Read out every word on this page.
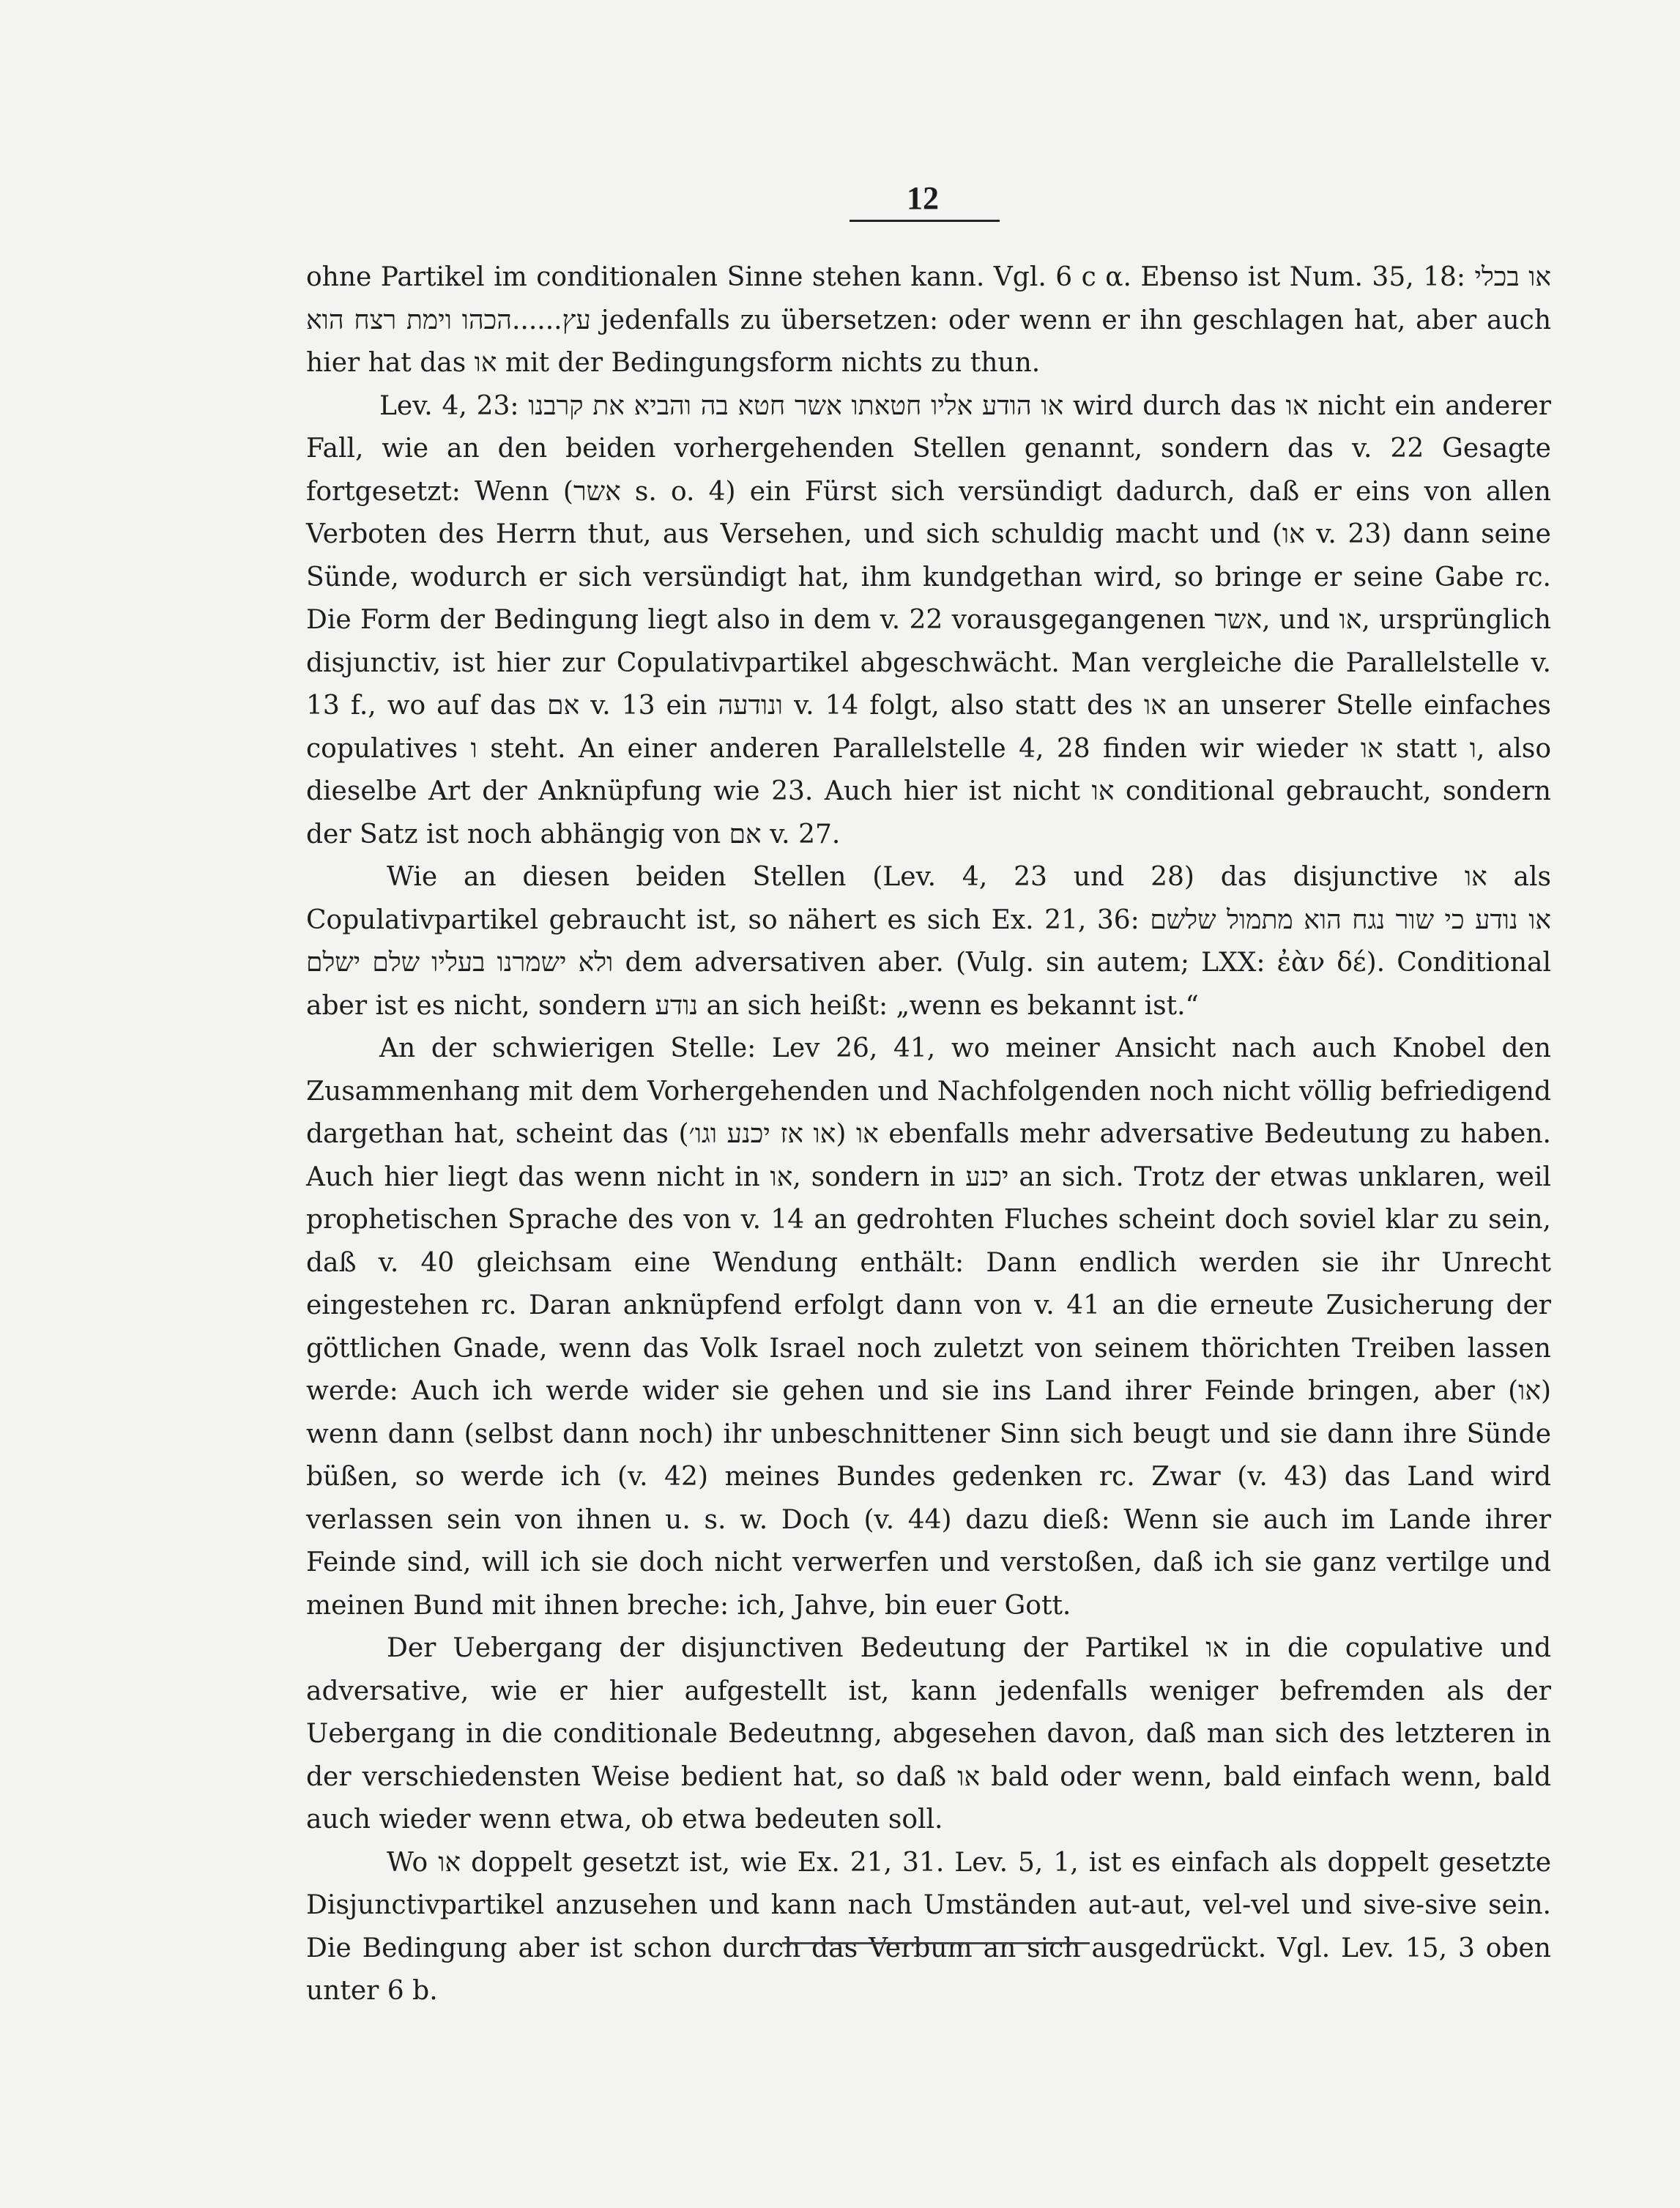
12

ohne Partikel im conditionalen Sinne stehen kann. Vgl. 6 c α. Ebenso ist Num. 35, 18: או בכלי עץ......הכהו וימת רצח הוא jedenfalls zu übersetzen: oder wenn er ihn geschlagen hat, aber auch hier hat das או mit der Bedingungsform nichts zu thun.

Lev. 4, 23: או הודע אליו חטאתו אשר חטא בה והביא את קרבנו wird durch das או nicht ein anderer Fall, wie an den beiden vorhergehenden Stellen genannt, sondern das v. 22 Gesagte fortgesetzt: Wenn (אשר s. o. 4) ein Fürst sich versündigt dadurch, daß er eins von allen Verboten des Herrn thut, aus Versehen, und sich schuldig macht und (או v. 23) dann seine Sünde, wodurch er sich versündigt hat, ihm kundgethan wird, so bringe er seine Gabe rc. Die Form der Bedingung liegt also in dem v. 22 vorausgegangenen אשר, und או, ursprünglich disjunctiv, ist hier zur Copulativpartikel abgeschwächt. Man vergleiche die Parallelstelle v. 13 f., wo auf das אם v. 13 ein ונודעה v. 14 folgt, also statt des או an unserer Stelle einfaches copulatives ו steht. An einer anderen Parallelstelle 4, 28 finden wir wieder או statt ו, also dieselbe Art der Anknüpfung wie 23. Auch hier ist nicht או conditional gebraucht, sondern der Satz ist noch abhängig von אם v. 27.

Wie an diesen beiden Stellen (Lev. 4, 23 und 28) das disjunctive או als Copulativpartikel gebraucht ist, so nähert es sich Ex. 21, 36: או נודע כי שור נגח הוא מתמול שלשם ולא ישמרנו בעליו שלם ישלם dem adversativen aber. (Vulg. sin autem; LXX: ἐὰν δέ). Conditional aber ist es nicht, sondern נודע an sich heißt: „wenn es bekannt ist.“

An der schwierigen Stelle: Lev 26, 41, wo meiner Ansicht nach auch Knobel den Zusammenhang mit dem Vorhergehenden und Nachfolgenden noch nicht völlig befriedigend dargethan hat, scheint das או (או אז יכנע וגו׳) ebenfalls mehr adversative Bedeutung zu haben. Auch hier liegt das wenn nicht in או, sondern in יכנע an sich. Trotz der etwas unklaren, weil prophetischen Sprache des von v. 14 an gedrohten Fluches scheint doch soviel klar zu sein, daß v. 40 gleichsam eine Wendung enthält: Dann endlich werden sie ihr Unrecht eingestehen rc. Daran anknüpfend erfolgt dann von v. 41 an die erneute Zusicherung der göttlichen Gnade, wenn das Volk Israel noch zuletzt von seinem thörichten Treiben lassen werde: Auch ich werde wider sie gehen und sie ins Land ihrer Feinde bringen, aber (או) wenn dann (selbst dann noch) ihr unbeschnittener Sinn sich beugt und sie dann ihre Sünde büßen, so werde ich (v. 42) meines Bundes gedenken rc. Zwar (v. 43) das Land wird verlassen sein von ihnen u. s. w. Doch (v. 44) dazu dieß: Wenn sie auch im Lande ihrer Feinde sind, will ich sie doch nicht verwerfen und verstoßen, daß ich sie ganz vertilge und meinen Bund mit ihnen breche: ich, Jahve, bin euer Gott.

Der Uebergang der disjunctiven Bedeutung der Partikel או in die copulative und adversative, wie er hier aufgestellt ist, kann jedenfalls weniger befremden als der Uebergang in die conditionale Bedeutnng, abgesehen davon, daß man sich des letzteren in der verschiedensten Weise bedient hat, so daß או bald oder wenn, bald einfach wenn, bald auch wieder wenn etwa, ob etwa bedeuten soll.

Wo או doppelt gesetzt ist, wie Ex. 21, 31. Lev. 5, 1, ist es einfach als doppelt gesetzte Disjunctivpartikel anzusehen und kann nach Umständen aut-aut, vel-vel und sive-sive sein. Die Bedingung aber ist schon durch das Verbum an sich ausgedrückt. Vgl. Lev. 15, 3 oben unter 6 b.
